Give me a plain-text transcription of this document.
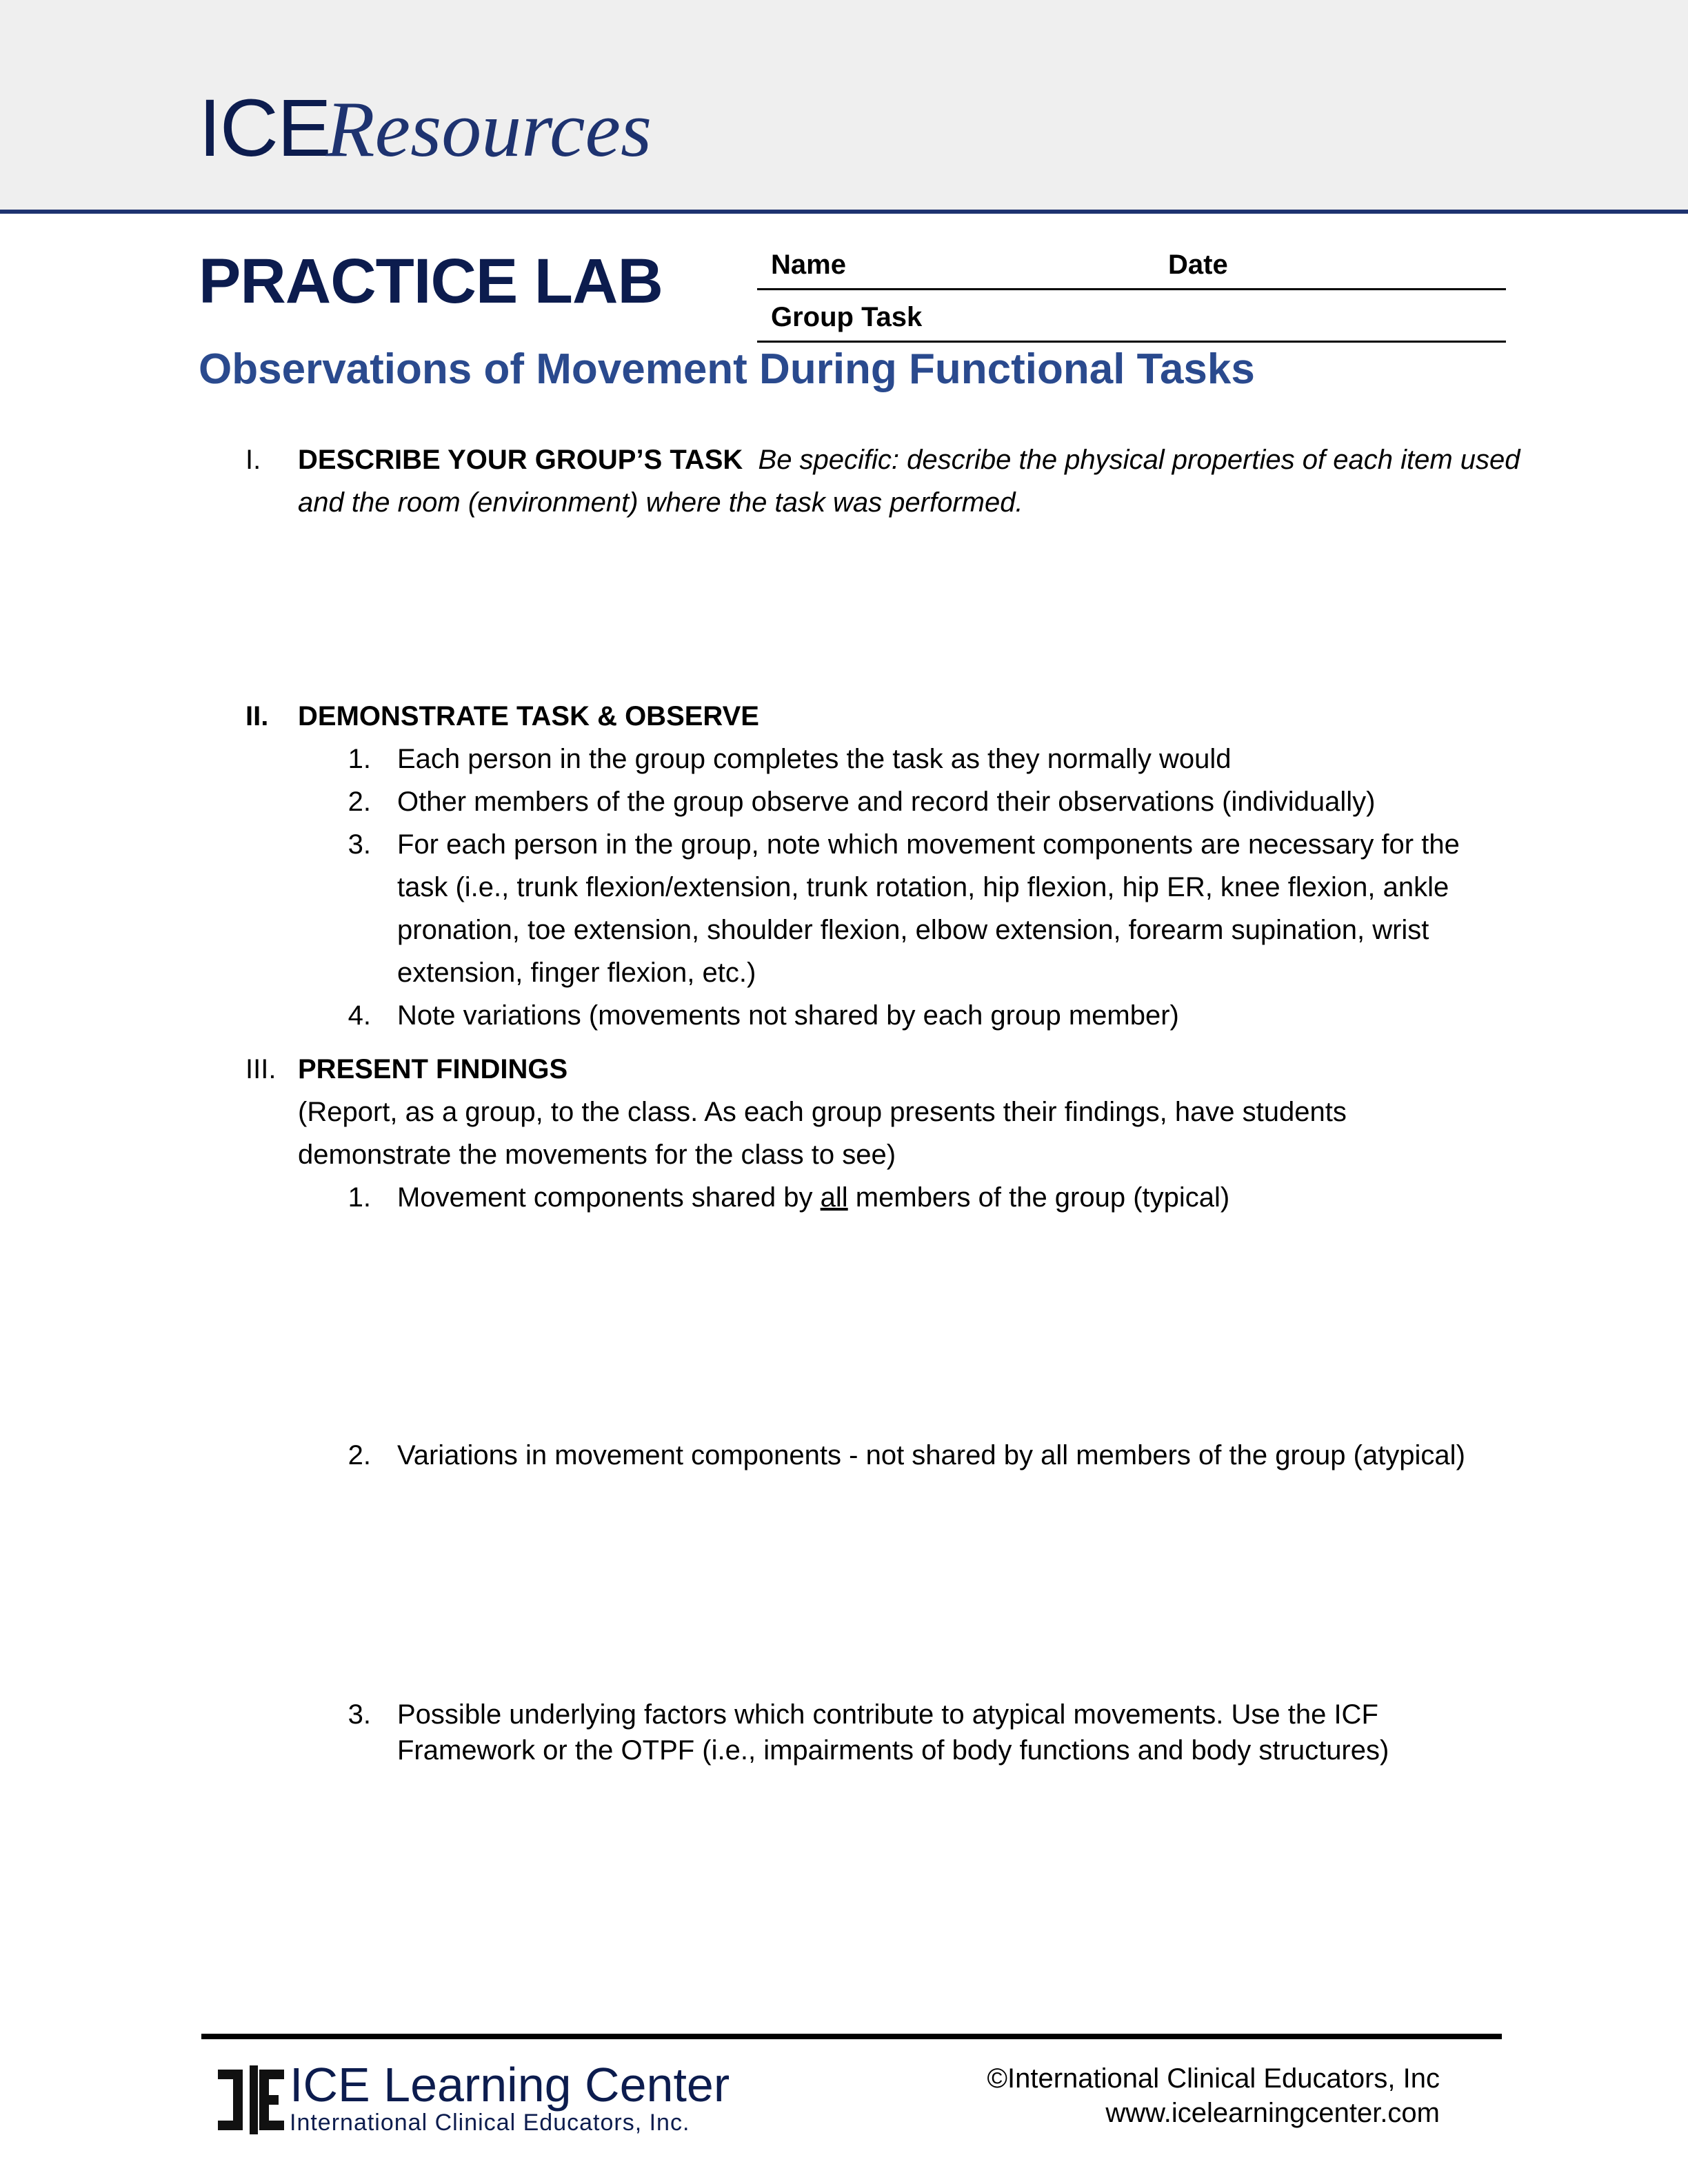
ICEResources
PRACTICE LAB	Name	Date
Group Task
Observations of Movement During Functional Tasks
I. DESCRIBE YOUR GROUP’S TASK Be specific: describe the physical properties of each item used
and the room (environment) where the task was performed.
II. DEMONSTRATE TASK & OBSERVE
1. Each person in the group completes the task as they normally would
2. Other members of the group observe and record their observations (individually)
3. For each person in the group, note which movement components are necessary for the
task (i.e., trunk flexion/extension, trunk rotation, hip flexion, hip ER, knee flexion, ankle
pronation, toe extension, shoulder flexion, elbow extension, forearm supination, wrist
extension, finger flexion, etc.)
4. Note variations (movements not shared by each group member)
III. PRESENT FINDINGS
(Report, as a group, to the class. As each group presents their findings, have students
demonstrate the movements for the class to see)
1. Movement components shared by all members of the group (typical)
2. Variations in movement components - not shared by all members of the group (atypical)
3. Possible underlying factors which contribute to atypical movements. Use the ICF
Framework or the OTPF (i.e., impairments of body functions and body structures)
ICE Learning Center
International Clinical Educators, Inc.
©International Clinical Educators, Inc
www.icelearningcenter.com
